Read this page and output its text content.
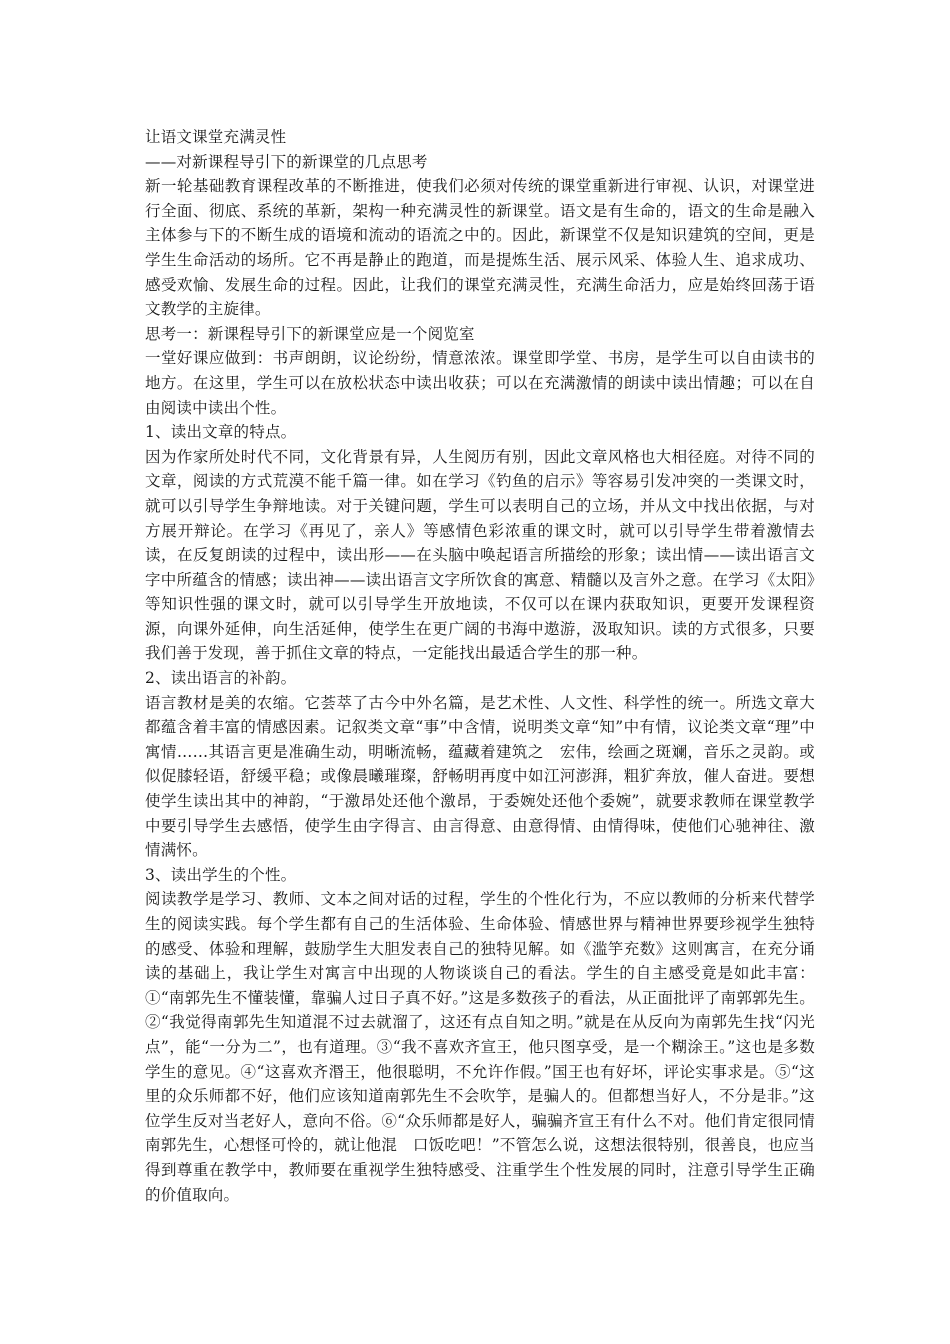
让语文课堂充满灵性

——对新课程导引下的新课堂的几点思考

新一轮基础教育课程改革的不断推进，使我们必须对传统的课堂重新进行审视、认识，对课堂进行全面、彻底、系统的革新，架构一种充满灵性的新课堂。语文是有生命的，语文的生命是融入主体参与下的不断生成的语境和流动的语流之中的。因此，新课堂不仅是知识建筑的空间，更是学生生命活动的场所。它不再是静止的跑道，而是提炼生活、展示风采、体验人生、追求成功、感受欢愉、发展生命的过程。因此，让我们的课堂充满灵性，充满生命活力，应是始终回荡于语文教学的主旋律。

思考一：新课程导引下的新课堂应是一个阅览室

一堂好课应做到：书声朗朗，议论纷纷，情意浓浓。课堂即学堂、书房，是学生可以自由读书的地方。在这里，学生可以在放松状态中读出收获；可以在充满激情的朗读中读出情趣；可以在自由阅读中读出个性。

1、读出文章的特点。

因为作家所处时代不同，文化背景有异，人生阅历有别，因此文章风格也大相径庭。对待不同的文章，阅读的方式荒漠不能千篇一律。如在学习《钓鱼的启示》等容易引发冲突的一类课文时，就可以引导学生争辩地读。对于关键问题，学生可以表明自己的立场，并从文中找出依据，与对方展开辩论。在学习《再见了，亲人》等感情色彩浓重的课文时，就可以引导学生带着激情去读，在反复朗读的过程中，读出形——在头脑中唤起语言所描绘的形象；读出情——读出语言文字中所蕴含的情感；读出神——读出语言文字所饮食的寓意、精髓以及言外之意。在学习《太阳》等知识性强的课文时，就可以引导学生开放地读，不仅可以在课内获取知识，更要开发课程资源，向课外延伸，向生活延伸，使学生在更广阔的书海中遨游，汲取知识。读的方式很多，只要我们善于发现，善于抓住文章的特点，一定能找出最适合学生的那一种。

2、读出语言的补韵。

语言教材是美的农缩。它荟萃了古今中外名篇，是艺术性、人文性、科学性的统一。所选文章大都蕴含着丰富的情感因素。记叙类文章“事”中含情，说明类文章“知”中有情，议论类文章“理”中寓情……其语言更是准确生动，明晰流畅，蕴藏着建筑之　宏伟，绘画之斑斓，音乐之灵韵。或似促膝轻语，舒缓平稳；或像晨曦璀璨，舒畅明再度中如江河澎湃，粗犷奔放，催人奋进。要想使学生读出其中的神韵，“于激昂处还他个激昂，于委婉处还他个委婉”，就要求教师在课堂教学中要引导学生去感悟，使学生由字得言、由言得意、由意得情、由情得味，使他们心驰神往、激情满怀。

3、读出学生的个性。

阅读教学是学习、教师、文本之间对话的过程，学生的个性化行为，不应以教师的分析来代替学生的阅读实践。每个学生都有自己的生活体验、生命体验、情感世界与精神世界要珍视学生独特的感受、体验和理解，鼓励学生大胆发表自己的独特见解。如《滥竽充数》这则寓言，在充分诵读的基础上，我让学生对寓言中出现的人物谈谈自己的看法。学生的自主感受竟是如此丰富：①“南郭先生不懂装懂，靠骗人过日子真不好。”这是多数孩子的看法，从正面批评了南郭郭先生。②“我觉得南郭先生知道混不过去就溜了，这还有点自知之明。”就是在从反向为南郭先生找“闪光点”，能“一分为二”，也有道理。③“我不喜欢齐宣王，他只图享受，是一个糊涂王。”这也是多数学生的意见。④“这喜欢齐湣王，他很聪明，不允许作假。”国王也有好坏，评论实事求是。⑤“这里的众乐师都不好，他们应该知道南郭先生不会吹竽，是骗人的。但都想当好人，不分是非。”这位学生反对当老好人，意向不俗。⑥“众乐师都是好人，骗骗齐宣王有什么不对。他们肯定很同情南郭先生，心想怪可怜的，就让他混　口饭吃吧！”不管怎么说，这想法很特别，很善良，也应当得到尊重在教学中，教师要在重视学生独特感受、注重学生个性发展的同时，注意引导学生正确的价值取向。
